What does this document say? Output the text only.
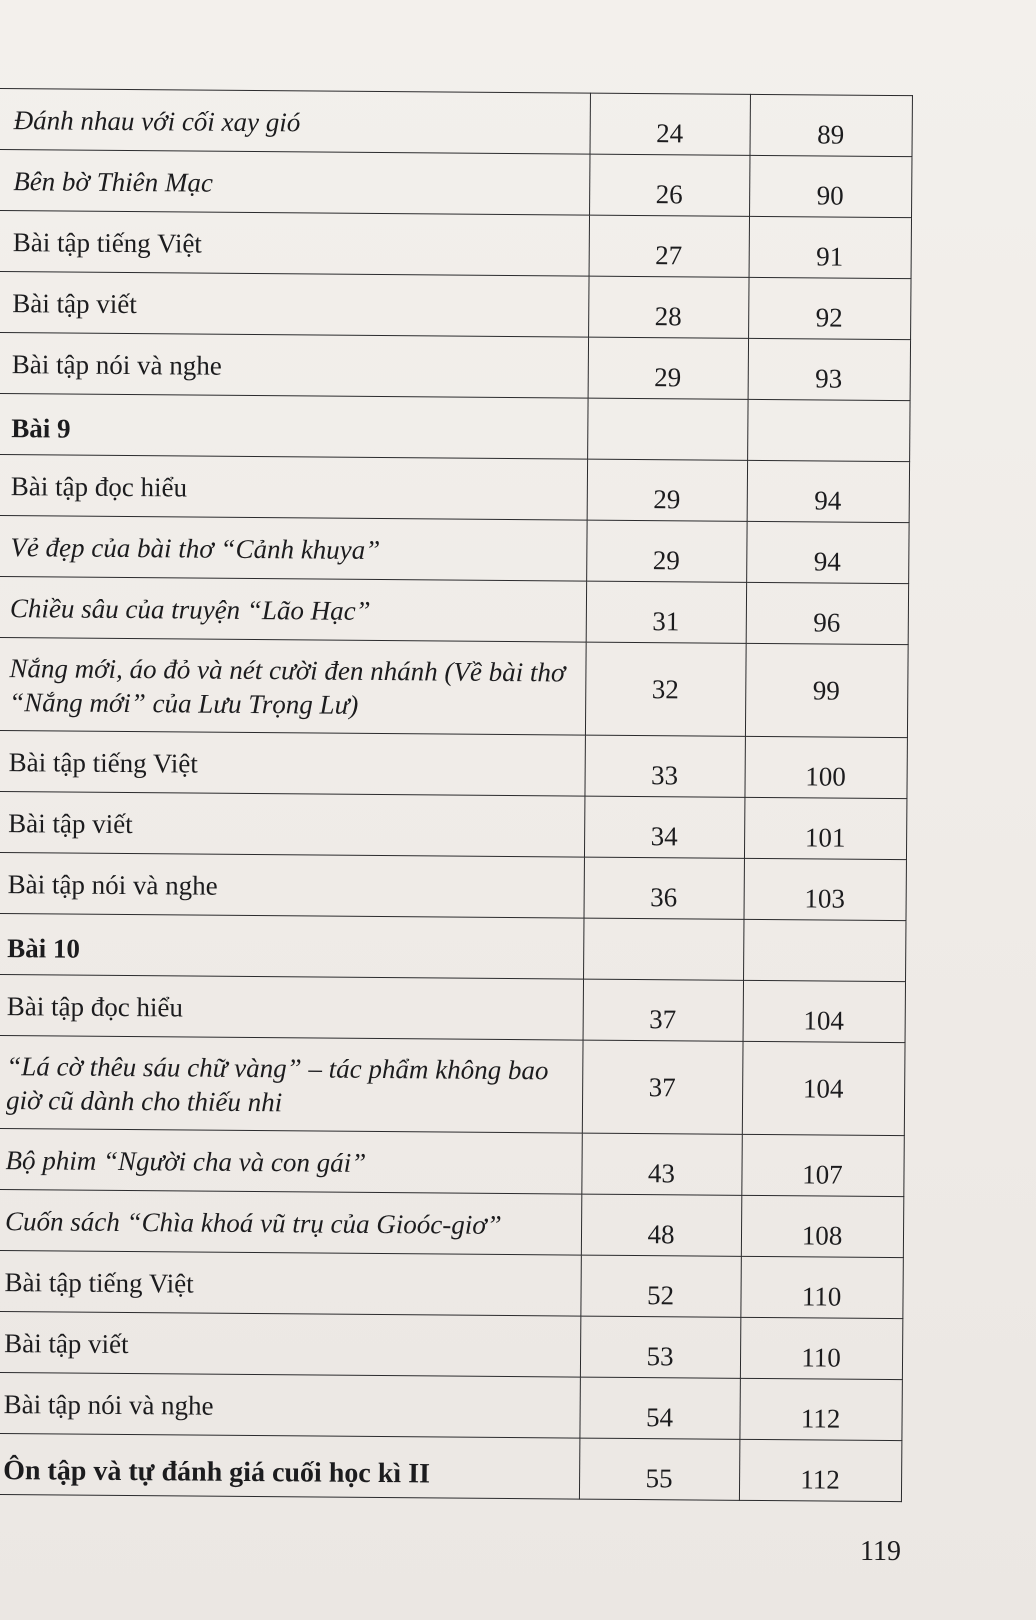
Đánh nhau với cối xay gió	24	89

Bên bờ Thiên Mạc	26	90

Bài tập tiếng Việt	27	91

Bài tập viết	28	92

Bài tập nói và nghe	29	93

Bài 9		

Bài tập đọc hiểu	29	94

Vẻ đẹp của bài thơ “Cảnh khuya”	29	94

Chiều sâu của truyện “Lão Hạc”	31	96

Nắng mới, áo đỏ và nét cười đen nhánh (Về bài thơ “Nắng mới” của Lưu Trọng Lư)	32	99

Bài tập tiếng Việt	33	100

Bài tập viết	34	101

Bài tập nói và nghe	36	103

Bài 10		

Bài tập đọc hiểu	37	104

“Lá cờ thêu sáu chữ vàng” – tác phẩm không bao giờ cũ dành cho thiếu nhi	37	104

Bộ phim “Người cha và con gái”	43	107

Cuốn sách “Chìa khoá vũ trụ của Gioóc-giơ”	48	108

Bài tập tiếng Việt	52	110

Bài tập viết	53	110

Bài tập nói và nghe	54	112

Ôn tập và tự đánh giá cuối học kì II	55	112
119
